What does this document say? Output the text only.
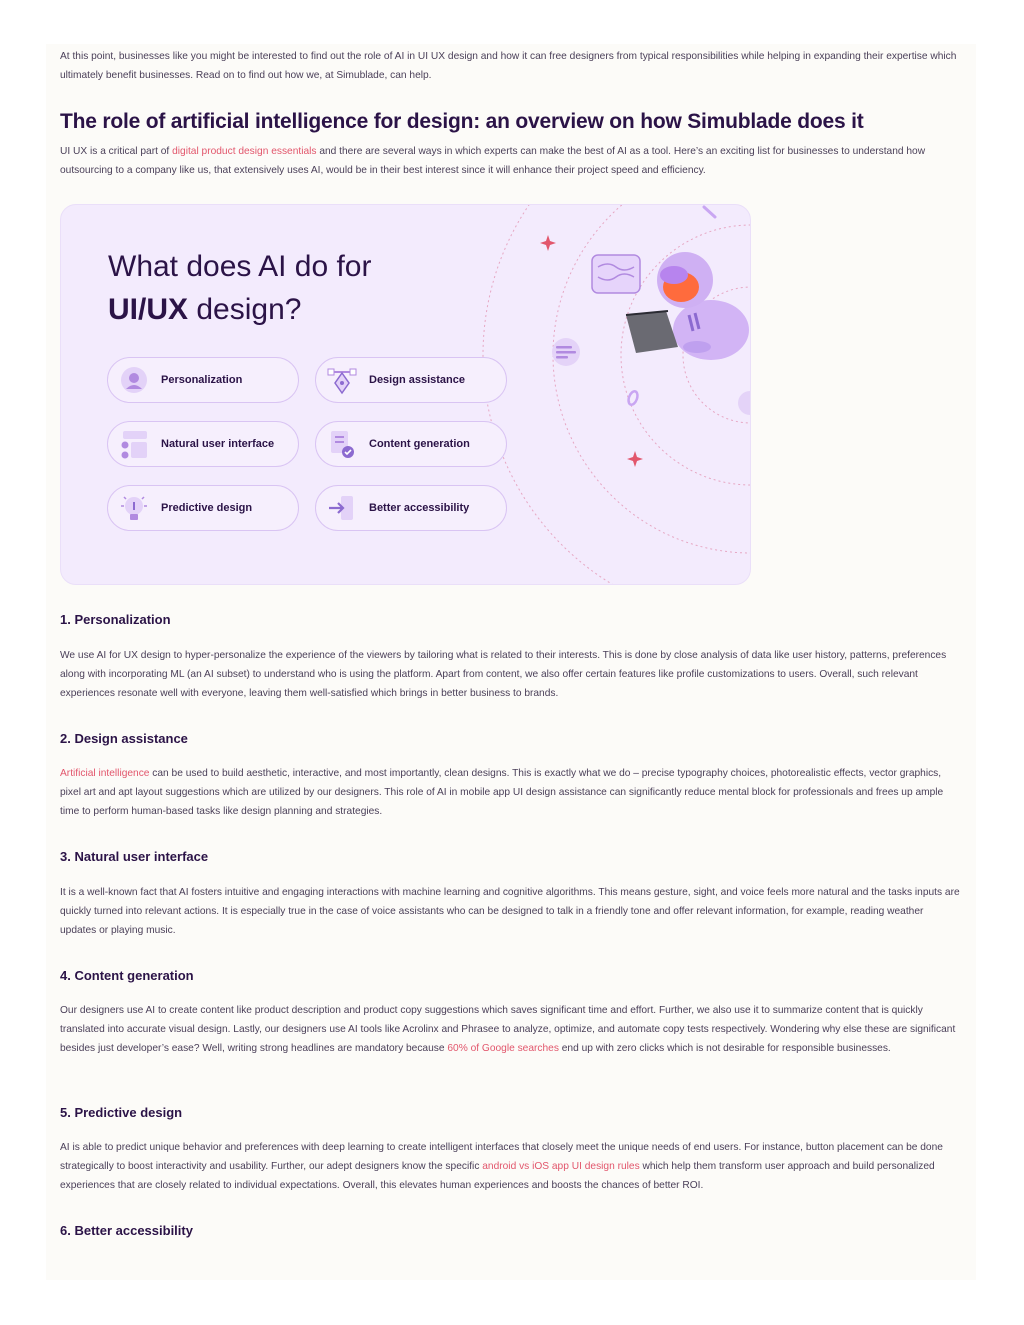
At this point, businesses like you might be interested to find out the role of AI in UI UX design and how it can free designers from typical responsibilities while helping in expanding their expertise which ultimately benefit businesses. Read on to find out how we, at Simublade, can help.

The role of artificial intelligence for design: an overview on how Simublade does it

UI UX is a critical part of digital product design essentials and there are several ways in which experts can make the best of AI as a tool. Here’s an exciting list for businesses to understand how outsourcing to a company like us, that extensively uses AI, would be in their best interest since it will enhance their project speed and efficiency.

What does AI do for
UI/UX design?
Personalization	Design assistance
Natural user interface	Content generation
Predictive design	Better accessibility
1. Personalization

We use AI for UX design to hyper-personalize the experience of the viewers by tailoring what is related to their interests. This is done by close analysis of data like user history, patterns, preferences along with incorporating ML (an AI subset) to understand who is using the platform. Apart from content, we also offer certain features like profile customizations to users. Overall, such relevant experiences resonate well with everyone, leaving them well-satisfied which brings in better business to brands.

2. Design assistance

Artificial intelligence can be used to build aesthetic, interactive, and most importantly, clean designs. This is exactly what we do – precise typography choices, photorealistic effects, vector graphics, pixel art and apt layout suggestions which are utilized by our designers. This role of AI in mobile app UI design assistance can significantly reduce mental block for professionals and frees up ample time to perform human-based tasks like design planning and strategies.

3. Natural user interface

It is a well-known fact that AI fosters intuitive and engaging interactions with machine learning and cognitive algorithms. This means gesture, sight, and voice feels more natural and the tasks inputs are quickly turned into relevant actions. It is especially true in the case of voice assistants who can be designed to talk in a friendly tone and offer relevant information, for example, reading weather updates or playing music.

4. Content generation

Our designers use AI to create content like product description and product copy suggestions which saves significant time and effort. Further, we also use it to summarize content that is quickly translated into accurate visual design. Lastly, our designers use AI tools like Acrolinx and Phrasee to analyze, optimize, and automate copy tests respectively. Wondering why else these are significant besides just developer’s ease? Well, writing strong headlines are mandatory because 60% of Google searches end up with zero clicks which is not desirable for responsible businesses.

5. Predictive design

AI is able to predict unique behavior and preferences with deep learning to create intelligent interfaces that closely meet the unique needs of end users. For instance, button placement can be done strategically to boost interactivity and usability. Further, our adept designers know the specific android vs iOS app UI design rules which help them transform user approach and build personalized experiences that are closely related to individual expectations. Overall, this elevates human experiences and boosts the chances of better ROI.

6. Better accessibility
